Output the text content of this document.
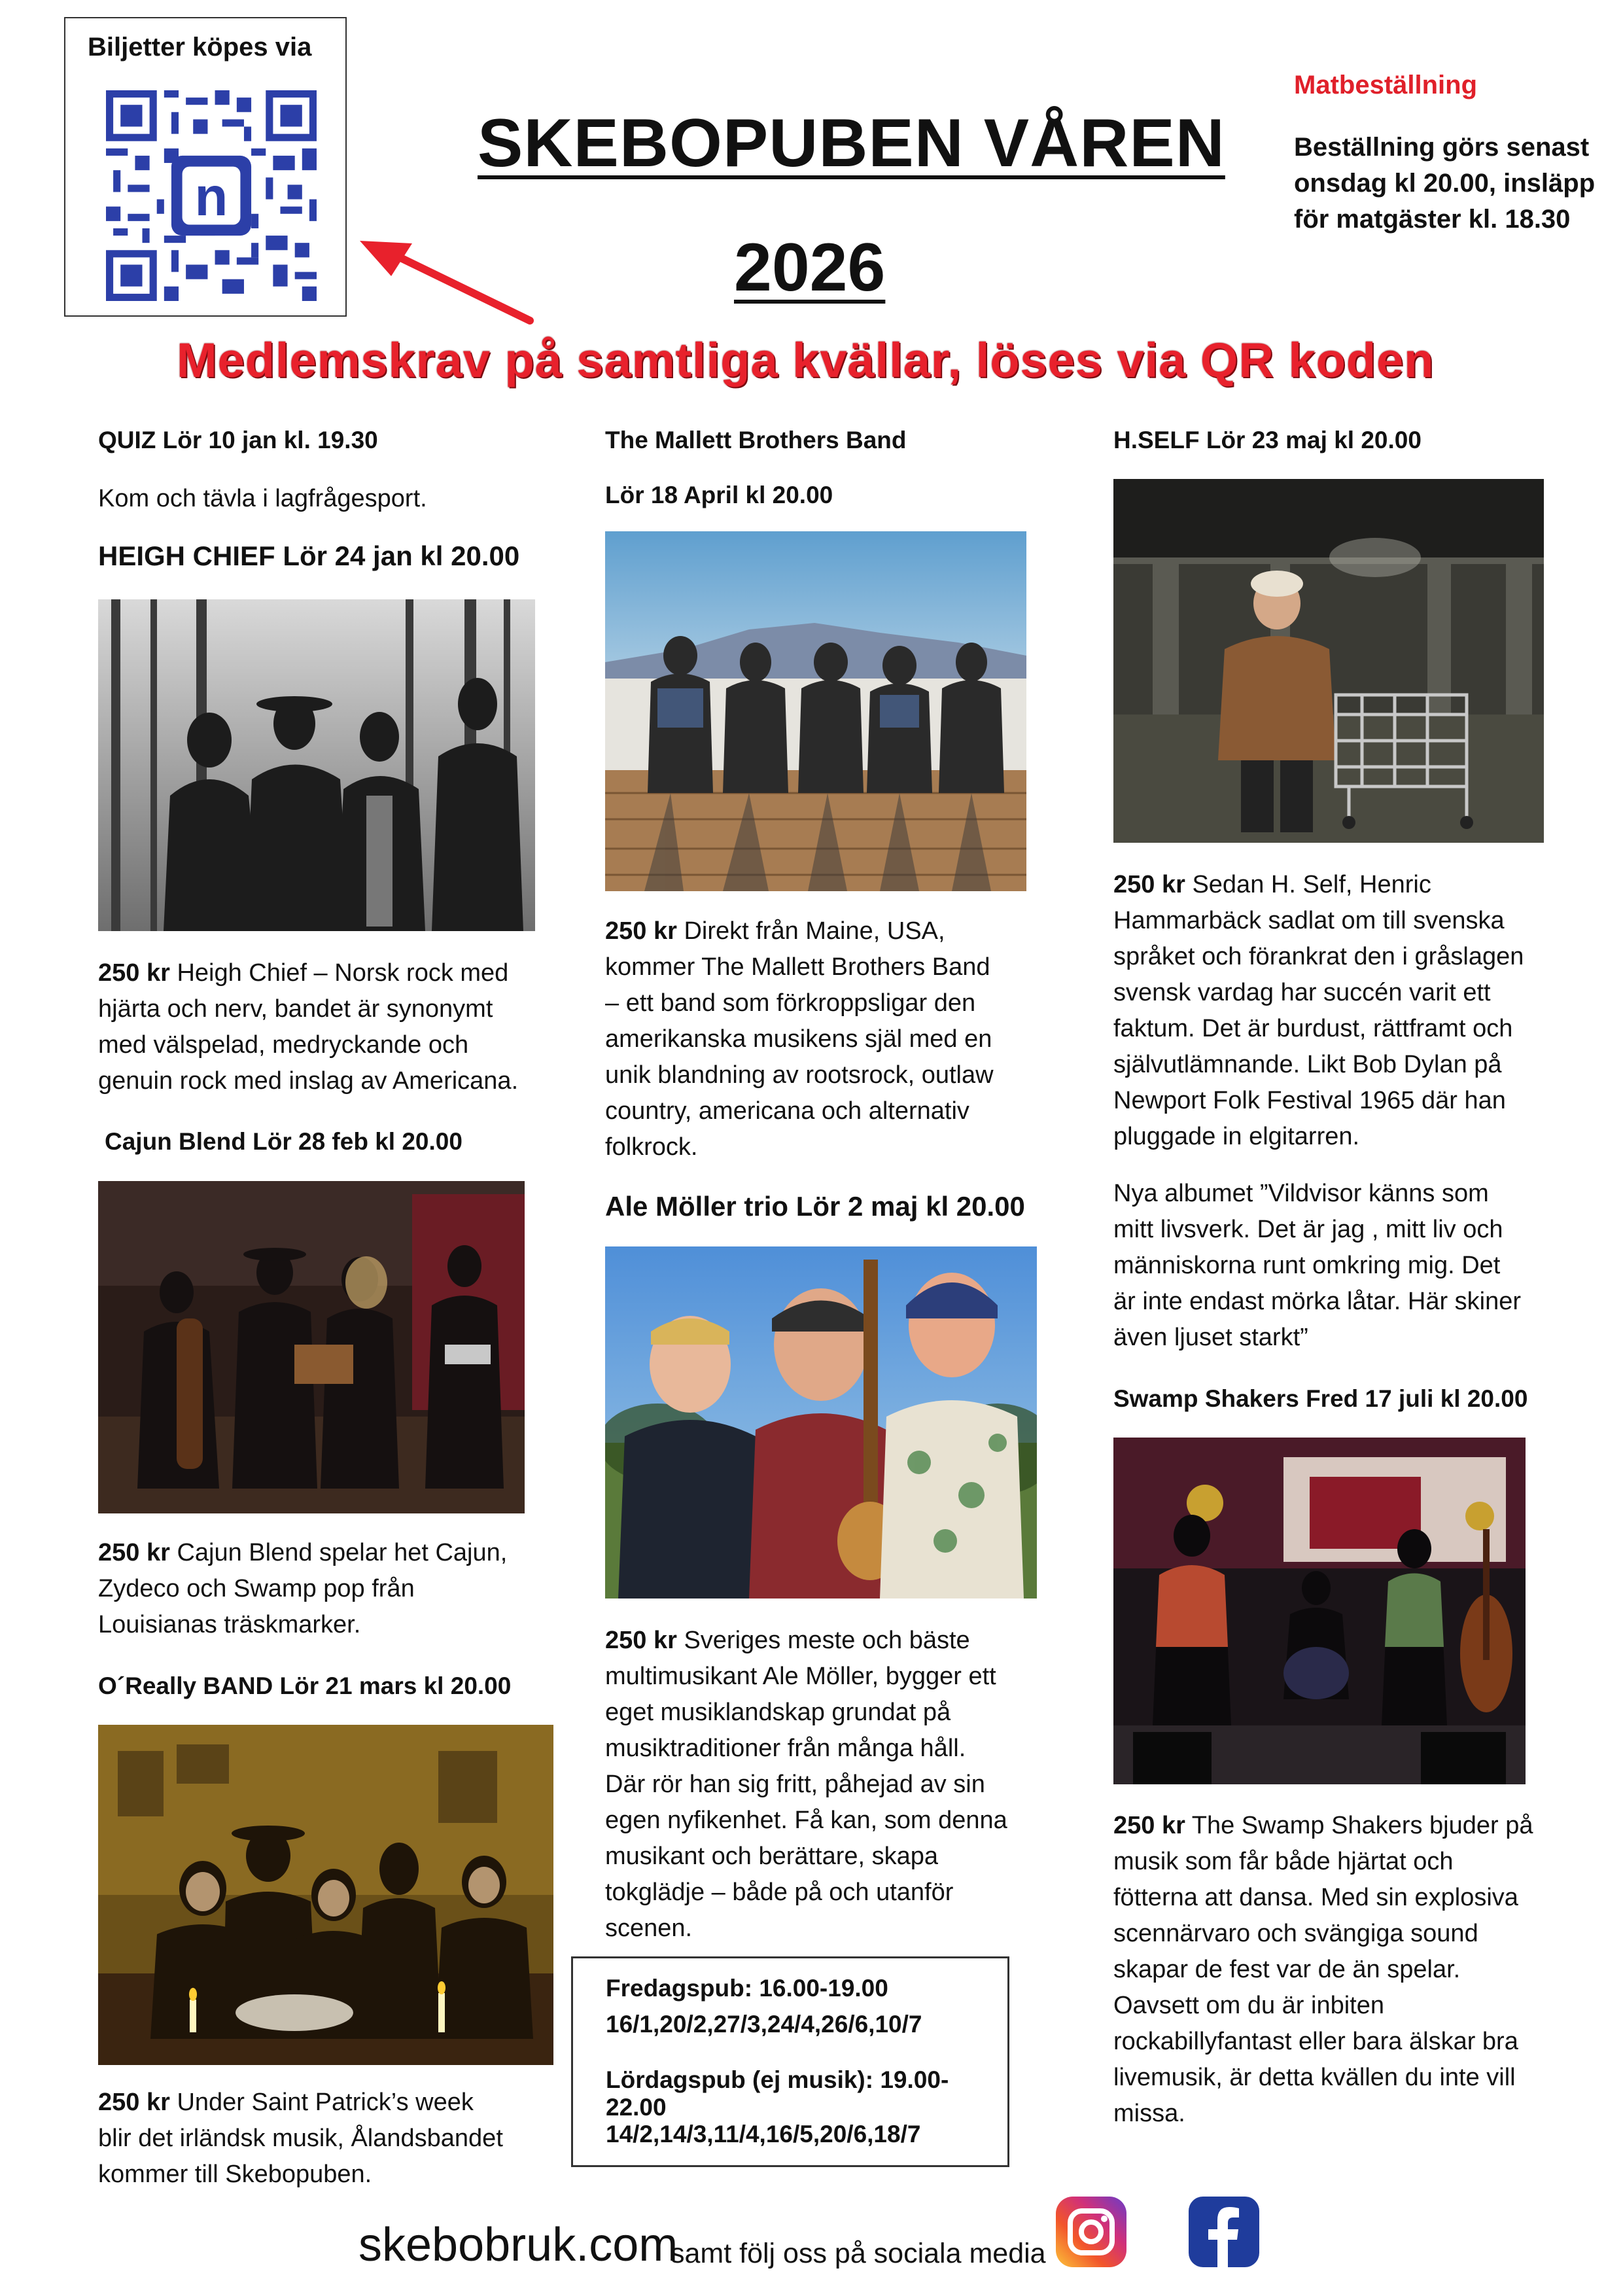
Biljetter köpes via
n
SKEBOPUBEN VÅREN
2026
Matbeställning
Beställning görs senast
onsdag kl 20.00, insläpp
för matgäster kl. 18.30
Medlemskrav på samtliga kvällar, löses via QR koden
QUIZ Lör 10 jan kl. 19.30
Kom och tävla i lagfrågesport.
HEIGH CHIEF Lör 24 jan kl 20.00
250 kr Heigh Chief – Norsk rock med
hjärta och nerv, bandet är synonymt
med välspelad, medryckande och
genuin rock med inslag av Americana.
Cajun Blend Lör 28 feb kl 20.00
250 kr Cajun Blend spelar het Cajun,
Zydeco och Swamp pop från
Louisianas träskmarker.
O´Really BAND Lör 21 mars kl 20.00
250 kr Under Saint Patrick’s week
blir det irländsk musik, Ålandsbandet
kommer till Skebopuben.
The Mallett Brothers Band
Lör 18 April kl 20.00
250 kr Direkt från Maine, USA,
kommer The Mallett Brothers Band
– ett band som förkroppsligar den
amerikanska musikens själ med en
unik blandning av rootsrock, outlaw
country, americana och alternativ
folkrock.
Ale Möller trio Lör 2 maj kl 20.00
250 kr Sveriges meste och bäste
multimusikant Ale Möller, bygger ett
eget musiklandskap grundat på
musiktraditioner från många håll.
Där rör han sig fritt, påhejad av sin
egen nyfikenhet. Få kan, som denna
musikant och berättare, skapa
tokglädje – både på och utanför
scenen.
Fredagspub: 16.00-19.00
16/1,20/2,27/3,24/4,26/6,10/7
Lördagspub (ej musik): 19.00-22.00
14/2,14/3,11/4,16/5,20/6,18/7
H.SELF Lör 23 maj kl 20.00
250 kr Sedan H. Self, Henric
Hammarbäck sadlat om till svenska
språket och förankrat den i gråslagen
svensk vardag har succén varit ett
faktum. Det är burdust, rättframt och
självutlämnande. Likt Bob Dylan på
Newport Folk Festival 1965 där han
pluggade in elgitarren.
Nya albumet ”Vildvisor känns som
mitt livsverk. Det är jag , mitt liv och
människorna runt omkring mig. Det
är inte endast mörka låtar. Här skiner
även ljuset starkt”
Swamp Shakers Fred 17 juli kl 20.00
250 kr The Swamp Shakers bjuder på
musik som får både hjärtat och
fötterna att dansa. Med sin explosiva
scennärvaro och svängiga sound
skapar de fest var de än spelar.
Oavsett om du är inbiten
rockabillyfantast eller bara älskar bra
livemusik, är detta kvällen du inte vill
missa.
skebobruk.com
samt följ oss på sociala media
